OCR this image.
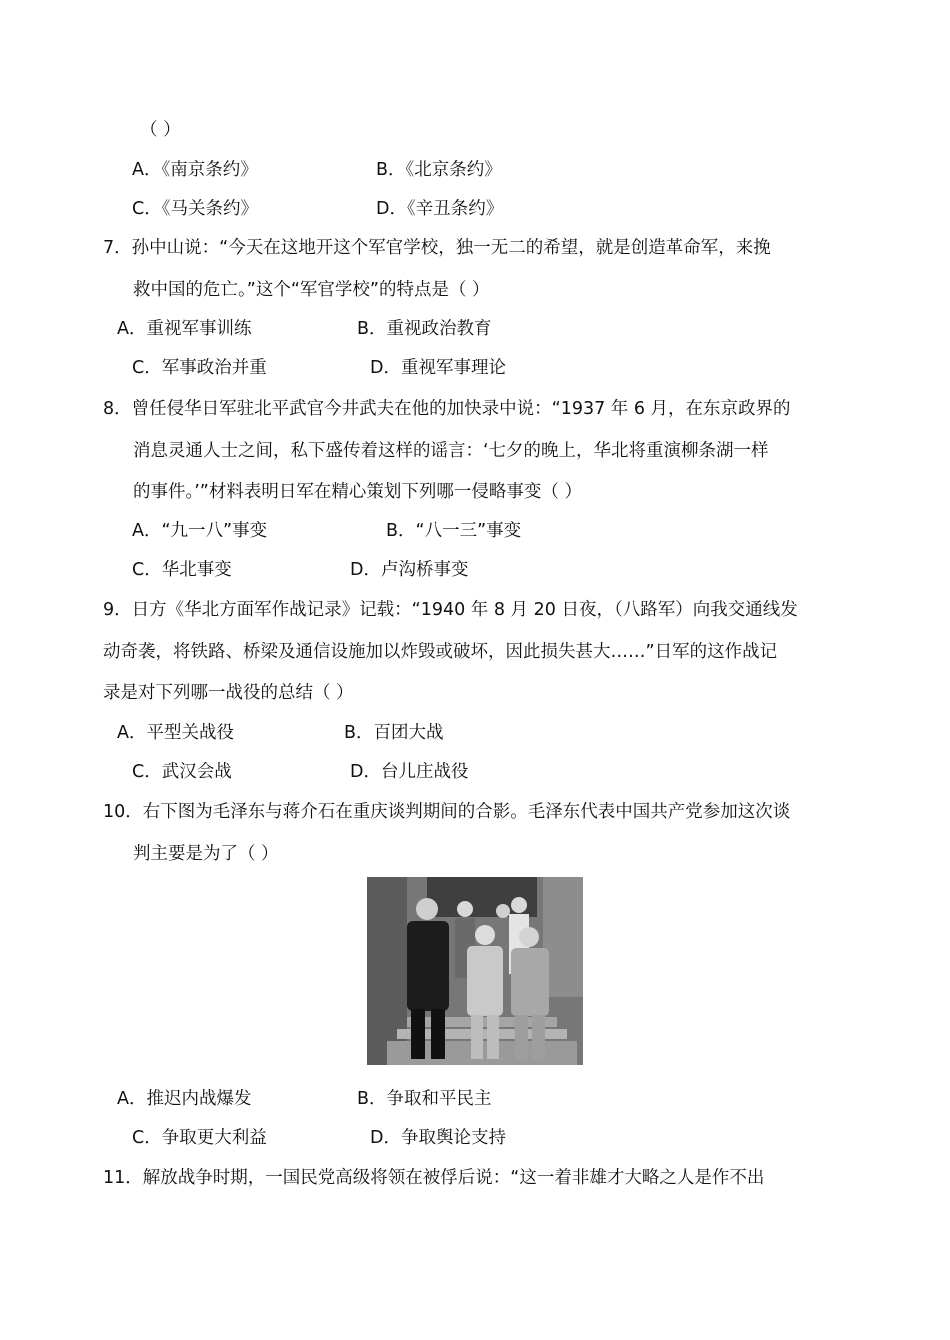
（ ）
A．《南京条约》	B．《北京条约》
C．《马关条约》	D．《辛丑条约》
7．孙中山说：“今天在这地开这个军官学校，独一无二的希望，就是创造革命军，来挽
救中国的危亡。”这个“军官学校”的特点是（ ）
A．重视军事训练	B．重视政治教育
C．军事政治并重	D．重视军事理论
8．曾任侵华日军驻北平武官今井武夫在他的加快录中说：“1937 年 6 月，在东京政界的
消息灵通人士之间，私下盛传着这样的谣言：‘七夕的晚上，华北将重演柳条湖一样
的事件。’”材料表明日军在精心策划下列哪一侵略事变（ ）
A．“九一八”事变	B．“八一三”事变
C．华北事变	D．卢沟桥事变
9．日方《华北方面军作战记录》记载：“1940 年 8 月 20 日夜，（八路军）向我交通线发
动奇袭，将铁路、桥梁及通信设施加以炸毁或破坏，因此损失甚大……”日军的这作战记
录是对下列哪一战役的总结（ ）
A．平型关战役	B．百团大战
C．武汉会战	D．台儿庄战役
10．右下图为毛泽东与蒋介石在重庆谈判期间的合影。毛泽东代表中国共产党参加这次谈
判主要是为了（ ）
A．推迟内战爆发	B．争取和平民主
C．争取更大利益	D．争取舆论支持
11．解放战争时期，一国民党高级将领在被俘后说：“这一着非雄才大略之人是作不出
